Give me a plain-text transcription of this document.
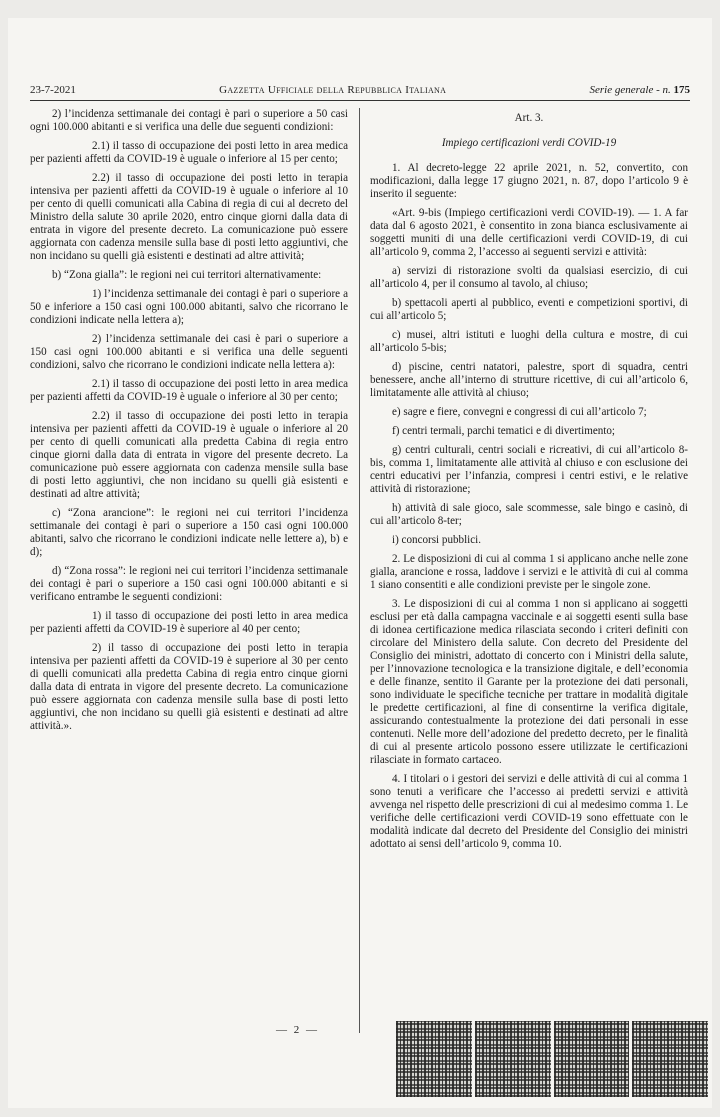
23-7-2021	Gazzetta Ufficiale della Repubblica Italiana	Serie generale - n. 175

2) l’incidenza settimanale dei contagi è pari o superiore a 50 casi ogni 100.000 abitanti e si verifica una delle due seguenti condizioni:

2.1) il tasso di occupazione dei posti letto in area medica per pazienti affetti da COVID-19 è uguale o inferiore al 15 per cento;

2.2) il tasso di occupazione dei posti letto in terapia intensiva per pazienti affetti da COVID-19 è uguale o inferiore al 10 per cento di quelli comunicati alla Cabina di regia di cui al decreto del Ministro della salute 30 aprile 2020, entro cinque giorni dalla data di entrata in vigore del presente decreto. La comunicazione può essere aggiornata con cadenza mensile sulla base di posti letto aggiuntivi, che non incidano su quelli già esistenti e destinati ad altre attività;

b) “Zona gialla”: le regioni nei cui territori alternativamente:

1) l’incidenza settimanale dei contagi è pari o superiore a 50 e inferiore a 150 casi ogni 100.000 abitanti, salvo che ricorrano le condizioni indicate nella lettera a);

2) l’incidenza settimanale dei casi è pari o superiore a 150 casi ogni 100.000 abitanti e si verifica una delle seguenti condizioni, salvo che ricorrano le condizioni indicate nella lettera a):

2.1) il tasso di occupazione dei posti letto in area medica per pazienti affetti da COVID-19 è uguale o inferiore al 30 per cento;

2.2) il tasso di occupazione dei posti letto in terapia intensiva per pazienti affetti da COVID-19 è uguale o inferiore al 20 per cento di quelli comunicati alla predetta Cabina di regia entro cinque giorni dalla data di entrata in vigore del presente decreto. La comunicazione può essere aggiornata con cadenza mensile sulla base di posti letto aggiuntivi, che non incidano su quelli già esistenti e destinati ad altre attività;

c) “Zona arancione”: le regioni nei cui territori l’incidenza settimanale dei contagi è pari o superiore a 150 casi ogni 100.000 abitanti, salvo che ricorrano le condizioni indicate nelle lettere a), b) e d);

d) “Zona rossa”: le regioni nei cui territori l’incidenza settimanale dei contagi è pari o superiore a 150 casi ogni 100.000 abitanti e si verificano entrambe le seguenti condizioni:

1) il tasso di occupazione dei posti letto in area medica per pazienti affetti da COVID-19 è superiore al 40 per cento;

2) il tasso di occupazione dei posti letto in terapia intensiva per pazienti affetti da COVID-19 è superiore al 30 per cento di quelli comunicati alla predetta Cabina di regia entro cinque giorni dalla data di entrata in vigore del presente decreto. La comunicazione può essere aggiornata con cadenza mensile sulla base di posti letto aggiuntivi, che non incidano su quelli già esistenti e destinati ad altre attività.».

Art. 3.

Impiego certificazioni verdi COVID-19

1. Al decreto-legge 22 aprile 2021, n. 52, convertito, con modificazioni, dalla legge 17 giugno 2021, n. 87, dopo l’articolo 9 è inserito il seguente:

«Art. 9-bis (Impiego certificazioni verdi COVID-19). — 1. A far data dal 6 agosto 2021, è consentito in zona bianca esclusivamente ai soggetti muniti di una delle certificazioni verdi COVID-19, di cui all’articolo 9, comma 2, l’accesso ai seguenti servizi e attività:

a) servizi di ristorazione svolti da qualsiasi esercizio, di cui all’articolo 4, per il consumo al tavolo, al chiuso;

b) spettacoli aperti al pubblico, eventi e competizioni sportivi, di cui all’articolo 5;

c) musei, altri istituti e luoghi della cultura e mostre, di cui all’articolo 5-bis;

d) piscine, centri natatori, palestre, sport di squadra, centri benessere, anche all’interno di strutture ricettive, di cui all’articolo 6, limitatamente alle attività al chiuso;

e) sagre e fiere, convegni e congressi di cui all’articolo 7;

f) centri termali, parchi tematici e di divertimento;

g) centri culturali, centri sociali e ricreativi, di cui all’articolo 8-bis, comma 1, limitatamente alle attività al chiuso e con esclusione dei centri educativi per l’infanzia, compresi i centri estivi, e le relative attività di ristorazione;

h) attività di sale gioco, sale scommesse, sale bingo e casinò, di cui all’articolo 8-ter;

i) concorsi pubblici.

2. Le disposizioni di cui al comma 1 si applicano anche nelle zone gialla, arancione e rossa, laddove i servizi e le attività di cui al comma 1 siano consentiti e alle condizioni previste per le singole zone.

3. Le disposizioni di cui al comma 1 non si applicano ai soggetti esclusi per età dalla campagna vaccinale e ai soggetti esenti sulla base di idonea certificazione medica rilasciata secondo i criteri definiti con circolare del Ministero della salute. Con decreto del Presidente del Consiglio dei ministri, adottato di concerto con i Ministri della salute, per l’innovazione tecnologica e la transizione digitale, e dell’economia e delle finanze, sentito il Garante per la protezione dei dati personali, sono individuate le specifiche tecniche per trattare in modalità digitale le predette certificazioni, al fine di consentirne la verifica digitale, assicurando contestualmente la protezione dei dati personali in esse contenuti. Nelle more dell’adozione del predetto decreto, per le finalità di cui al presente articolo possono essere utilizzate le certificazioni rilasciate in formato cartaceo.

4. I titolari o i gestori dei servizi e delle attività di cui al comma 1 sono tenuti a verificare che l’accesso ai predetti servizi e attività avvenga nel rispetto delle prescrizioni di cui al medesimo comma 1. Le verifiche delle certificazioni verdi COVID-19 sono effettuate con le modalità indicate dal decreto del Presidente del Consiglio dei ministri adottato ai sensi dell’articolo 9, comma 10.

— 2 —
